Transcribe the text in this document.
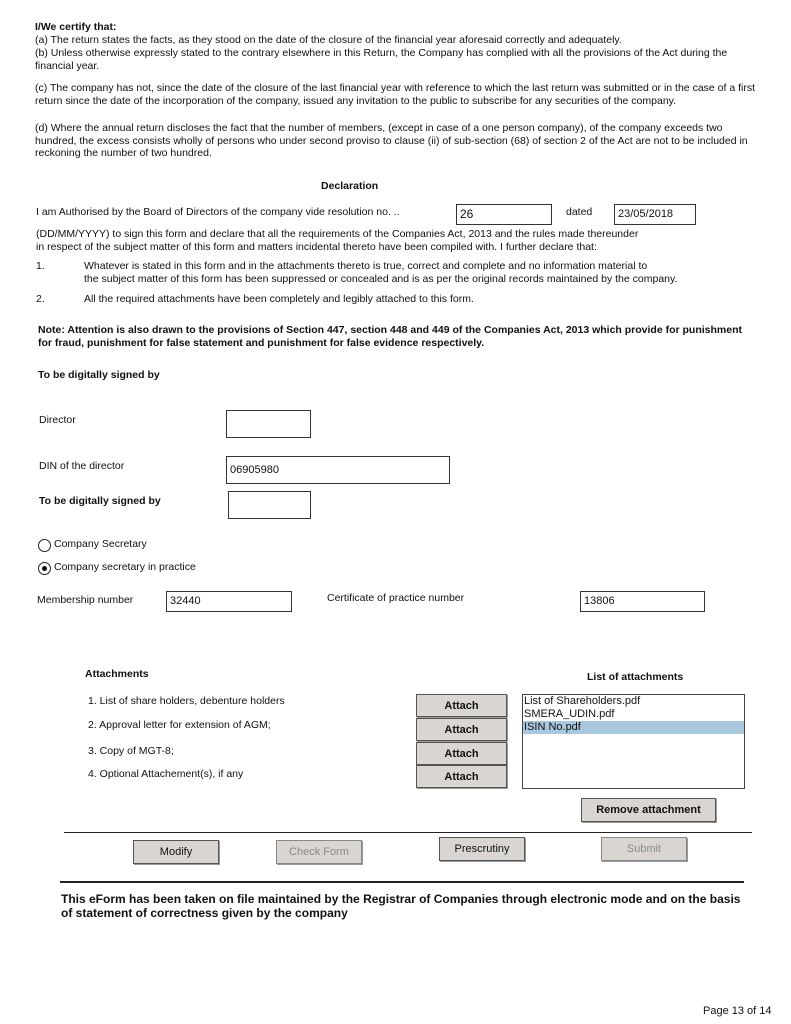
I/We certify that:
(a) The return states the facts, as they stood on the date of the closure of the financial year aforesaid correctly and adequately.
(b) Unless otherwise expressly stated to the contrary elsewhere in this Return, the Company has complied with all the provisions of the Act during the financial year.
(c) The company has not, since the date of the closure of the last financial year with reference to which the last return was submitted or in the case of a first return since the date of the incorporation of the company, issued any invitation to the public to subscribe for any securities of the company.
(d) Where the annual return discloses the fact that the number of members, (except in case of a one person company), of the company exceeds two hundred, the excess consists wholly of persons who under second proviso to clause (ii) of sub-section (68) of section 2 of the Act are not to be included in reckoning the number of two hundred.
Declaration
I am Authorised by the Board of Directors of the company vide resolution no. ..	26	dated	23/05/2018
(DD/MM/YYYY) to sign this form and declare that all the requirements of the Companies Act, 2013 and the rules made thereunder
in respect of the subject matter of this form and matters incidental thereto have been compiled with. I further declare that:
1.	Whatever is stated in this form and in the attachments thereto is true, correct and complete and no information material to
the subject matter of this form has been suppressed or concealed and is as per the original records maintained by the company.
2.	All the required attachments have been completely and legibly attached to this form.
Note: Attention is also drawn to the provisions of Section 447, section 448 and 449 of the Companies Act, 2013 which provide for punishment for fraud, punishment for false statement and punishment for false evidence respectively.
To be digitally signed by
Director
DIN of the director	06905980
To be digitally signed by
Company Secretary
Company secretary in practice
Membership number	32440	Certificate of practice number	13806
Attachments	List of attachments
1. List of share holders, debenture holders
2. Approval letter for extension of AGM;
3. Copy of MGT-8;
4. Optional Attachement(s), if any
Attach
Attach
Attach
Attach
List of Shareholders.pdf
SMERA_UDIN.pdf
ISIN No.pdf
Remove attachment
Modify	Check Form	Prescrutiny	Submit
This eForm has been taken on file maintained by the Registrar of Companies through electronic mode and on the basis of statement of correctness given by the company
Page 13 of 14
